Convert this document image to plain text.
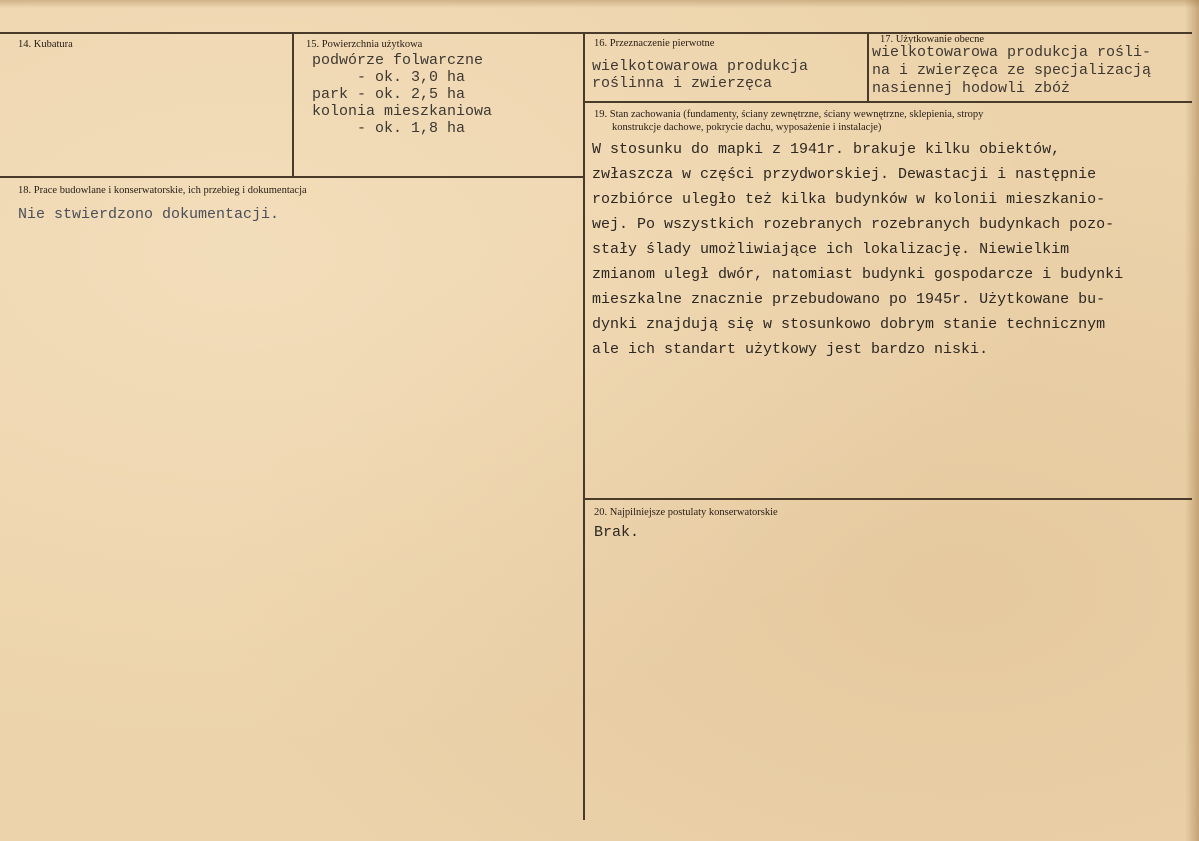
14. Kubatura	15. Powierzchnia użytkowa
podwórze folwarczne
- ok. 3,0 ha
park - ok. 2,5 ha
kolonia mieszkaniowa
- ok. 1,8 ha
16. Przeznaczenie pierwotne
wielkotowarowa produkcja
roślinna i zwierzęca
17. Użytkowanie obecne
wielkotowarowa produkcja rośli-
na i zwierzęca ze specjalizacją
nasiennej hodowli zbóż
18. Prace budowlane i konserwatorskie, ich przebieg i dokumentacja
Nie stwierdzono dokumentacji.
19. Stan zachowania (fundamenty, ściany zewnętrzne, ściany wewnętrzne, sklepienia, stropy
konstrukcje dachowe, pokrycie dachu, wyposażenie i instalacje)
W stosunku do mapki z 1941r. brakuje kilku obiektów,
zwłaszcza w części przydworskiej. Dewastacji i następnie
rozbiórce uległo też kilka budynków w kolonii mieszkanio-
wej. Po wszystkich rozebranych rozebranych budynkach pozo-
stały ślady umożliwiające ich lokalizację. Niewielkim
zmianom uległ dwór, natomiast budynki gospodarcze i budynki
mieszkalne znacznie przebudowano po 1945r. Użytkowane bu-
dynki znajdują się w stosunkowo dobrym stanie technicznym
ale ich standart użytkowy jest bardzo niski.
20. Najpilniejsze postulaty konserwatorskie
Brak.
